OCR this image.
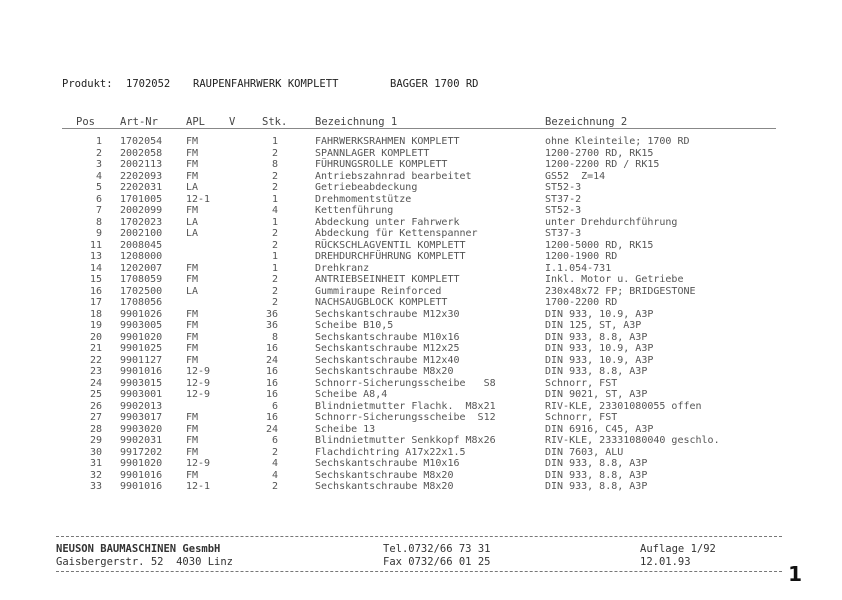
Produkt: 1702052 RAUPENFAHRWERK KOMPLETT	BAGGER 1700 RD
Pos Art-Nr	APL V	Stk.	Bezeichnung 1	Bezeichnung 2
1 1702054 FM	1	FAHRWERKSRAHMEN KOMPLETT	ohne Kleinteile; 1700 RD
2 2002058 FM	2	SPANNLAGER KOMPLETT	1200-2700 RD, RK15
3 2002113 FM	8	FÜHRUNGSROLLE KOMPLETT	1200-2200 RD / RK15
4 2202093 FM	2	Antriebszahnrad bearbeitet	GS52  Z=14
5 2202031 LA	2	Getriebeabdeckung	ST52-3
6 1701005 12-1	1	Drehmomentstütze	ST37-2
7 2002099 FM	4	Kettenführung	ST52-3
8 1702023 LA	1	Abdeckung unter Fahrwerk	unter Drehdurchführung
9 2002100 LA	2	Abdeckung für Kettenspanner	ST37-3
11 2008045	2	RÜCKSCHLAGVENTIL KOMPLETT	1200-5000 RD, RK15
13 1208000	1	DREHDURCHFÜHRUNG KOMPLETT	1200-1900 RD
14 1202007 FM	1	Drehkranz	I.1.054-731
15 1708059 FM	2	ANTRIEBSEINHEIT KOMPLETT	Inkl. Motor u. Getriebe
16 1702500 LA	2	Gummiraupe Reinforced	230x48x72 FP; BRIDGESTONE
17 1708056	2	NACHSAUGBLOCK KOMPLETT	1700-2200 RD
18 9901026 FM	36	Sechskantschraube M12x30	DIN 933, 10.9, A3P
19 9903005 FM	36	Scheibe B10,5	DIN 125, ST, A3P
20 9901020 FM	8	Sechskantschraube M10x16	DIN 933, 8.8, A3P
21 9901025 FM	16	Sechskantschraube M12x25	DIN 933, 10.9, A3P
22 9901127 FM	24	Sechskantschraube M12x40	DIN 933, 10.9, A3P
23 9901016 12-9	16	Sechskantschraube M8x20	DIN 933, 8.8, A3P
24 9903015 12-9	16	Schnorr-Sicherungsscheibe   S8	Schnorr, FST
25 9903001 12-9	16	Scheibe A8,4	DIN 9021, ST, A3P
26 9902013	6	Blindnietmutter Flachk.  M8x21	RIV-KLE, 23301080055 offen
27 9903017 FM	16	Schnorr-Sicherungsscheibe  S12	Schnorr, FST
28 9903020 FM	24	Scheibe 13	DIN 6916, C45, A3P
29 9902031 FM	6	Blindnietmutter Senkkopf M8x26	RIV-KLE, 23331080040 geschlo.
30 9917202 FM	2	Flachdichtring A17x22x1.5	DIN 7603, ALU
31 9901020 12-9	4	Sechskantschraube M10x16	DIN 933, 8.8, A3P
32 9901016 FM	4	Sechskantschraube M8x20	DIN 933, 8.8, A3P
33 9901016 12-1	2	Sechskantschraube M8x20	DIN 933, 8.8, A3P
NEUSON BAUMASCHINEN GesmbH
Gaisbergerstr. 52  4030 Linz
Tel.0732/66 73 31
Fax 0732/66 01 25
Auflage 1/92
12.01.93	1
